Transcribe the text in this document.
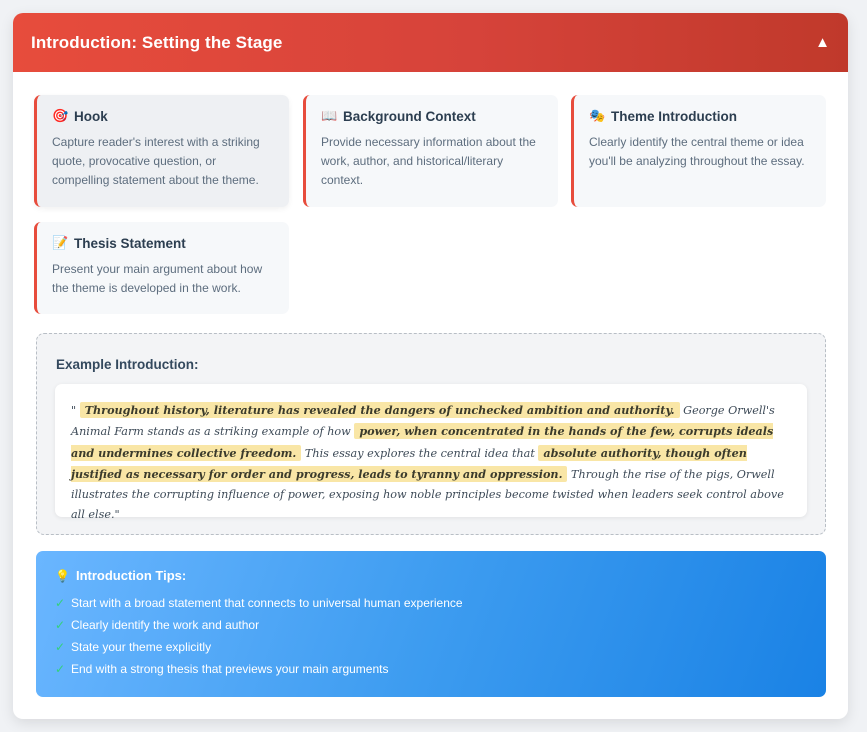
Introduction: Setting the Stage	▲
🎯 Hook
Capture reader's interest with a striking quote, provocative question, or compelling statement about the theme.
📖 Background Context
Provide necessary information about the work, author, and historical/literary context.
🎭 Theme Introduction
Clearly identify the central theme or idea you'll be analyzing throughout the essay.
📝 Thesis Statement
Present your main argument about how the theme is developed in the work.
Example Introduction:
" Throughout history, literature has revealed the dangers of unchecked ambition and authority. George Orwell's Animal Farm stands as a striking example of how power, when concentrated in the hands of the few, corrupts ideals and undermines collective freedom. This essay explores the central idea that absolute authority, though often justified as necessary for order and progress, leads to tyranny and oppression. Through the rise of the pigs, Orwell illustrates the corrupting influence of power, exposing how noble principles become twisted when leaders seek control above all else."
💡 Introduction Tips:
✓ Start with a broad statement that connects to universal human experience
✓ Clearly identify the work and author
✓ State your theme explicitly
✓ End with a strong thesis that previews your main arguments
